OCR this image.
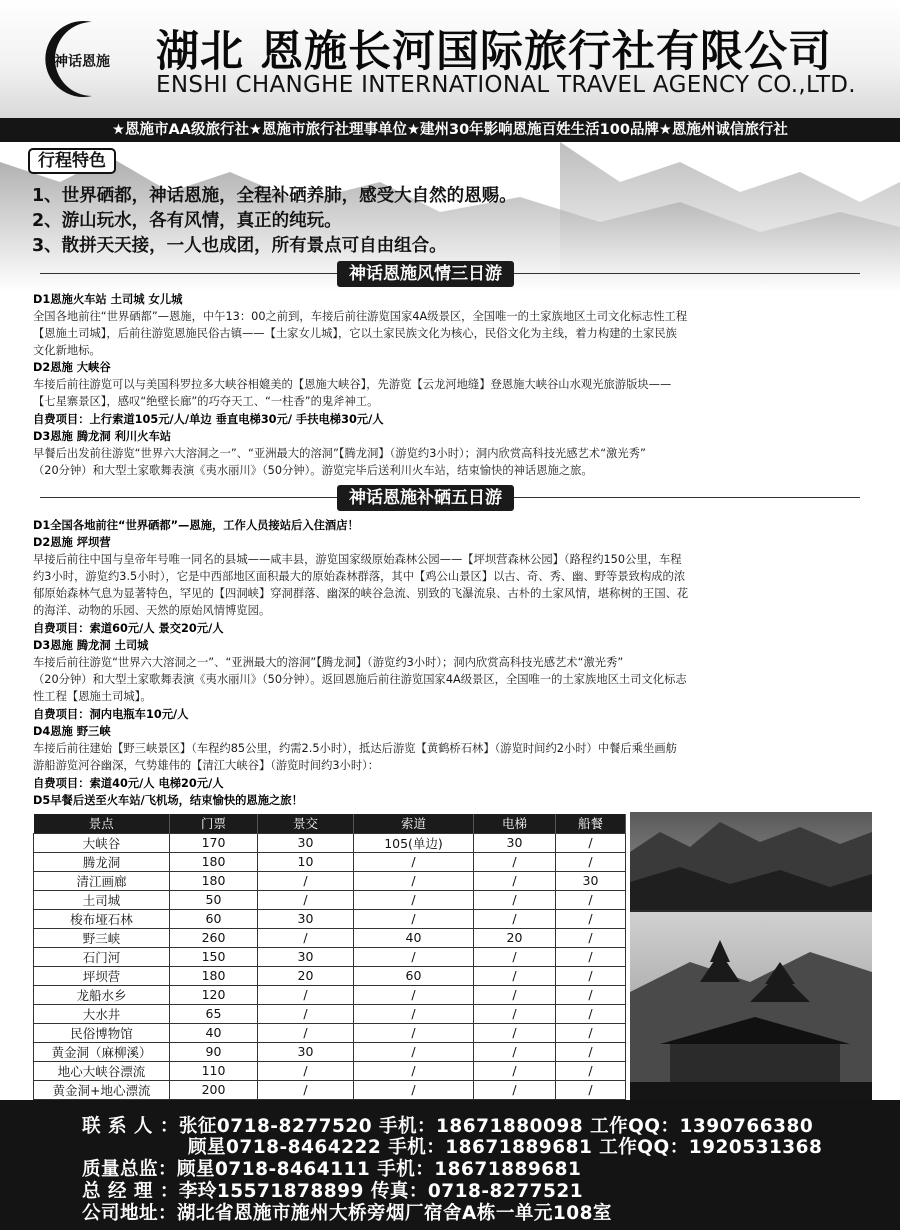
神话恩施 湖北 恩施长河国际旅行社有限公司
ENSHI CHANGHE INTERNATIONAL TRAVEL AGENCY CO.,LTD.
★恩施市AA级旅行社★恩施市旅行社理事单位★建州30年影响恩施百姓生活100品牌★恩施州诚信旅行社
行程特色
1、世界硒都，神话恩施，全程补硒养肺，感受大自然的恩赐。
2、游山玩水，各有风情，真正的纯玩。
3、散拼天天接，一人也成团，所有景点可自由组合。
神话恩施风情三日游
D1恩施火车站 土司城 女儿城
全国各地前往“世界硒都”—恩施，中午13：00之前到，车接后前往游览国家4A级景区，全国唯一的土家族地区土司文化标志性工程
【恩施土司城】，后前往游览恩施民俗古镇——【土家女儿城】，它以土家民族文化为核心，民俗文化为主线，着力构建的土家民族
文化新地标。
D2恩施 大峡谷
车接后前往游览可以与美国科罗拉多大峡谷相媲美的【恩施大峡谷】，先游览【云龙河地缝】登恩施大峡谷山水观光旅游版块——
【七星寨景区】，感叹“绝壁长廊”的巧夺天工、“一柱香”的鬼斧神工。
自费项目：上行索道105元/人/单边 垂直电梯30元/ 手扶电梯30元/人
D3恩施 腾龙洞 利川火车站
早餐后出发前往游览“世界六大溶洞之一”、“亚洲最大的溶洞”【腾龙洞】（游览约3小时）；洞内欣赏高科技光感艺术“激光秀”
（20分钟）和大型土家歌舞表演《夷水丽川》（50分钟）。游览完毕后送利川火车站，结束愉快的神话恩施之旅。
神话恩施补硒五日游
D1全国各地前往“世界硒都”—恩施，工作人员接站后入住酒店！
D2恩施 坪坝营
早接后前往中国与皇帝年号唯一同名的县城——咸丰县，游览国家级原始森林公园——【坪坝营森林公园】（路程约150公里，车程
约3小时，游览约3.5小时），它是中西部地区面积最大的原始森林群落，其中【鸡公山景区】以古、奇、秀、幽、野等景致构成的浓
郁原始森林气息为显著特色，罕见的【四洞峡】穿洞群落、幽深的峡谷急流、别致的飞瀑流泉、古朴的土家风情，堪称树的王国、花
的海洋、动物的乐园、天然的原始风情博览园。
自费项目：索道60元/人 景交20元/人
D3恩施 腾龙洞 土司城
车接后前往游览“世界六大溶洞之一”、“亚洲最大的溶洞”【腾龙洞】（游览约3小时）；洞内欣赏高科技光感艺术“激光秀”
（20分钟）和大型土家歌舞表演《夷水丽川》（50分钟）。返回恩施后前往游览国家4A级景区，全国唯一的土家族地区土司文化标志
性工程【恩施土司城】。
自费项目：洞内电瓶车10元/人
D4恩施 野三峡
车接后前往建始【野三峡景区】（车程约85公里，约需2.5小时），抵达后游览【黄鹤桥石林】（游览时间约2小时）中餐后乘坐画舫
游船游览河谷幽深，气势雄伟的【清江大峡谷】（游览时间约3小时）：
自费项目：索道40元/人 电梯20元/人
D5早餐后送至火车站/飞机场，结束愉快的恩施之旅！
景点	门票	景交	索道	电梯	船餐
大峡谷	170	30	105(单边)	30	/
腾龙洞	180	10	/	/	/
清江画廊	180	/	/	/	30
土司城	50	/	/	/	/
梭布垭石林	60	30	/	/	/
野三峡	260	/	40	20	/
石门河	150	30	/	/	/
坪坝营	180	20	60	/	/
龙船水乡	120	/	/	/	/
大水井	65	/	/	/	/
民俗博物馆	40	/	/	/	/
黄金洞（麻柳溪）	90	30	/	/	/
地心大峡谷漂流	110	/	/	/	/
黄金洞+地心漂流	200	/	/	/	/
联 系 人 ：张征0718-8277520 手机：18671880098 工作QQ：1390766380
顾星0718-8464222 手机：18671889681 工作QQ：1920531368
质量总监：顾星0718-8464111 手机：18671889681
总 经 理 ：李玲15571878899 传真：0718-8277521
公司地址：湖北省恩施市施州大桥旁烟厂宿舍A栋一单元108室
